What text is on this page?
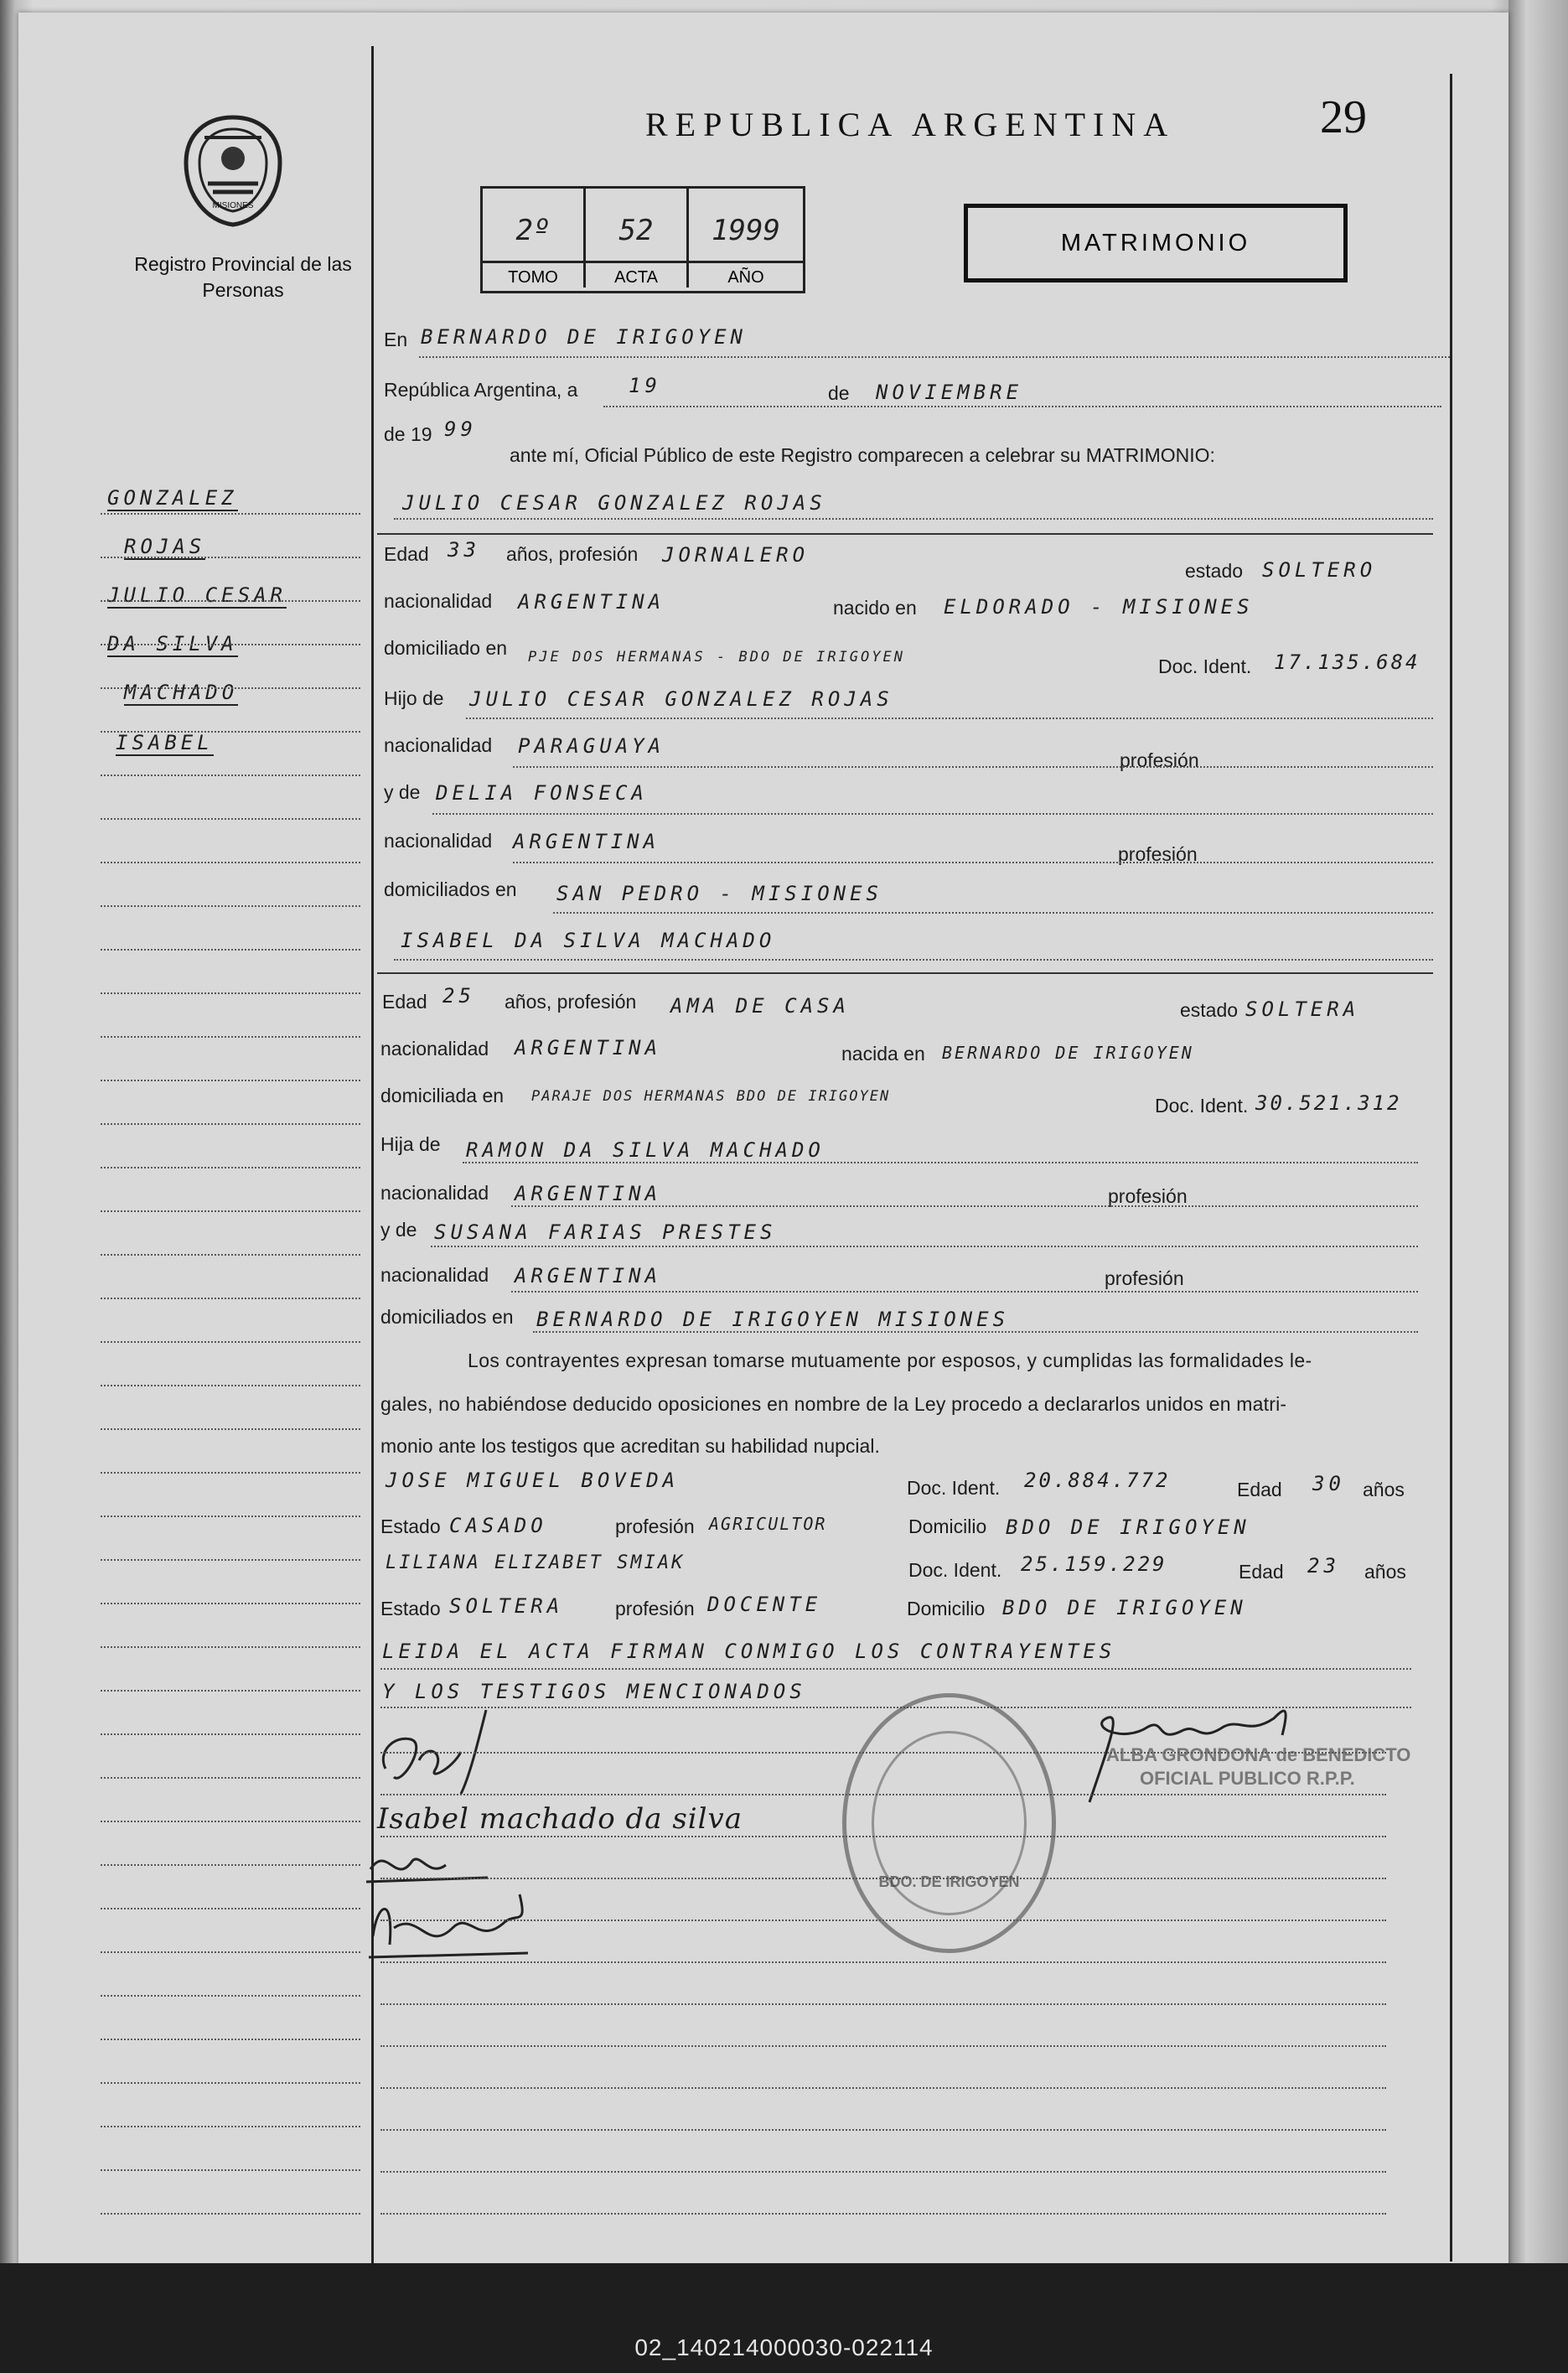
REPUBLICA ARGENTINA	29
MISIONES
Registro Provincial de las Personas
2º
TOMO
52
ACTA
1999
AÑO
MATRIMONIO
GONZALEZ
ROJAS
JULIO CESAR
DA SILVA
MACHADO
ISABEL
En BERNARDO DE IRIGOYEN
República Argentina, a	19	de NOVIEMBRE
de 19 99
ante mí, Oficial Público de este Registro comparecen a celebrar su MATRIMONIO:
JULIO CESAR GONZALEZ ROJAS
Edad 33 años, profesión JORNALERO
estado SOLTERO
nacionalidad ARGENTINA	nacido en ELDORADO - MISIONES
domiciliado en PJE DOS HERMANAS - BDO DE IRIGOYEN	Doc. Ident. 17.135.684
Hijo de JULIO CESAR GONZALEZ ROJAS
nacionalidad PARAGUAYA
profesión
y de DELIA FONSECA
nacionalidad ARGENTINA
profesión
domiciliados en SAN PEDRO - MISIONES
ISABEL DA SILVA MACHADO
Edad 25 años, profesión AMA DE CASA	estado SOLTERA
nacionalidad ARGENTINA	nacida en BERNARDO DE IRIGOYEN
domiciliada en PARAJE DOS HERMANAS BDO DE IRIGOYEN	Doc. Ident. 30.521.312
Hija de RAMON DA SILVA MACHADO
nacionalidad ARGENTINA	profesión
y de SUSANA FARIAS PRESTES
nacionalidad ARGENTINA	profesión
domiciliados en BERNARDO DE IRIGOYEN MISIONES
Los contrayentes expresan tomarse mutuamente por esposos, y cumplidas las formalidades le-
gales, no habiéndose deducido oposiciones en nombre de la Ley procedo a declararlos unidos en matri-
monio ante los testigos que acreditan su habilidad nupcial.
JOSE MIGUEL BOVEDA	Doc. Ident. 20.884.772	Edad 30 años
Estado CASADO	profesión AGRICULTOR	Domicilio BDO DE IRIGOYEN
LILIANA ELIZABET SMIAK	Doc. Ident. 25.159.229	Edad 23 años
Estado SOLTERA	profesión DOCENTE	Domicilio BDO DE IRIGOYEN
LEIDA EL ACTA FIRMAN CONMIGO LOS CONTRAYENTES
Y LOS TESTIGOS MENCIONADOS
Isabel machado da silva
BDO. DE IRIGOYEN
ALBA GRONDONA de BENEDICTO
OFICIAL PUBLICO R.P.P.
02_140214000030-022114
